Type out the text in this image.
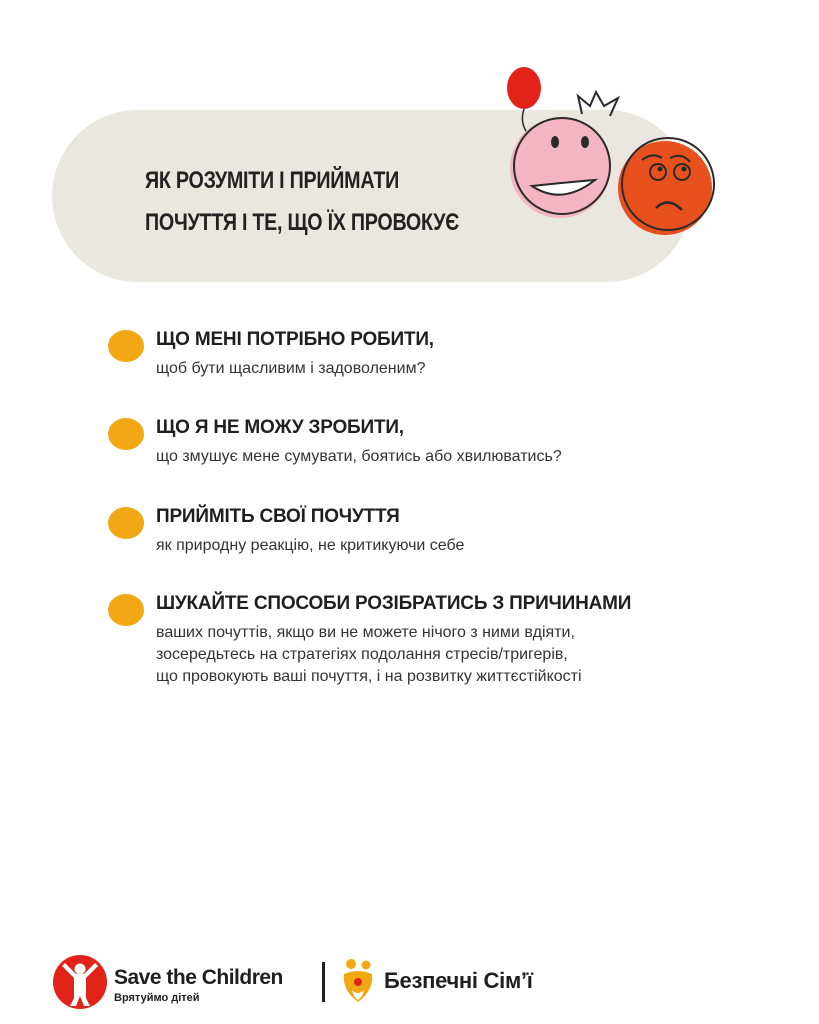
ЯК РОЗУМІТИ І ПРИЙМАТИ
ПОЧУТТЯ І ТЕ, ЩО ЇХ ПРОВОКУЄ
ЩО МЕНІ ПОТРІБНО РОБИТИ,
щоб бути щасливим і задоволеним?
ЩО Я НЕ МОЖУ ЗРОБИТИ,
що змушує мене сумувати, боятись або хвилюватись?
ПРИЙМІТЬ СВОЇ ПОЧУТТЯ
як природну реакцію, не критикуючи себе
ШУКАЙТЕ СПОСОБИ РОЗІБРАТИСЬ З ПРИЧИНАМИ
ваших почуттів, якщо ви не можете нічого з ними вдіяти,
зосередьтесь на стратегіях подолання стресів/тригерів,
що провокують ваші почуття, і на розвитку життєстійкості
Save the Children
Врятуймо дітей
Безпечні Сім’ї
